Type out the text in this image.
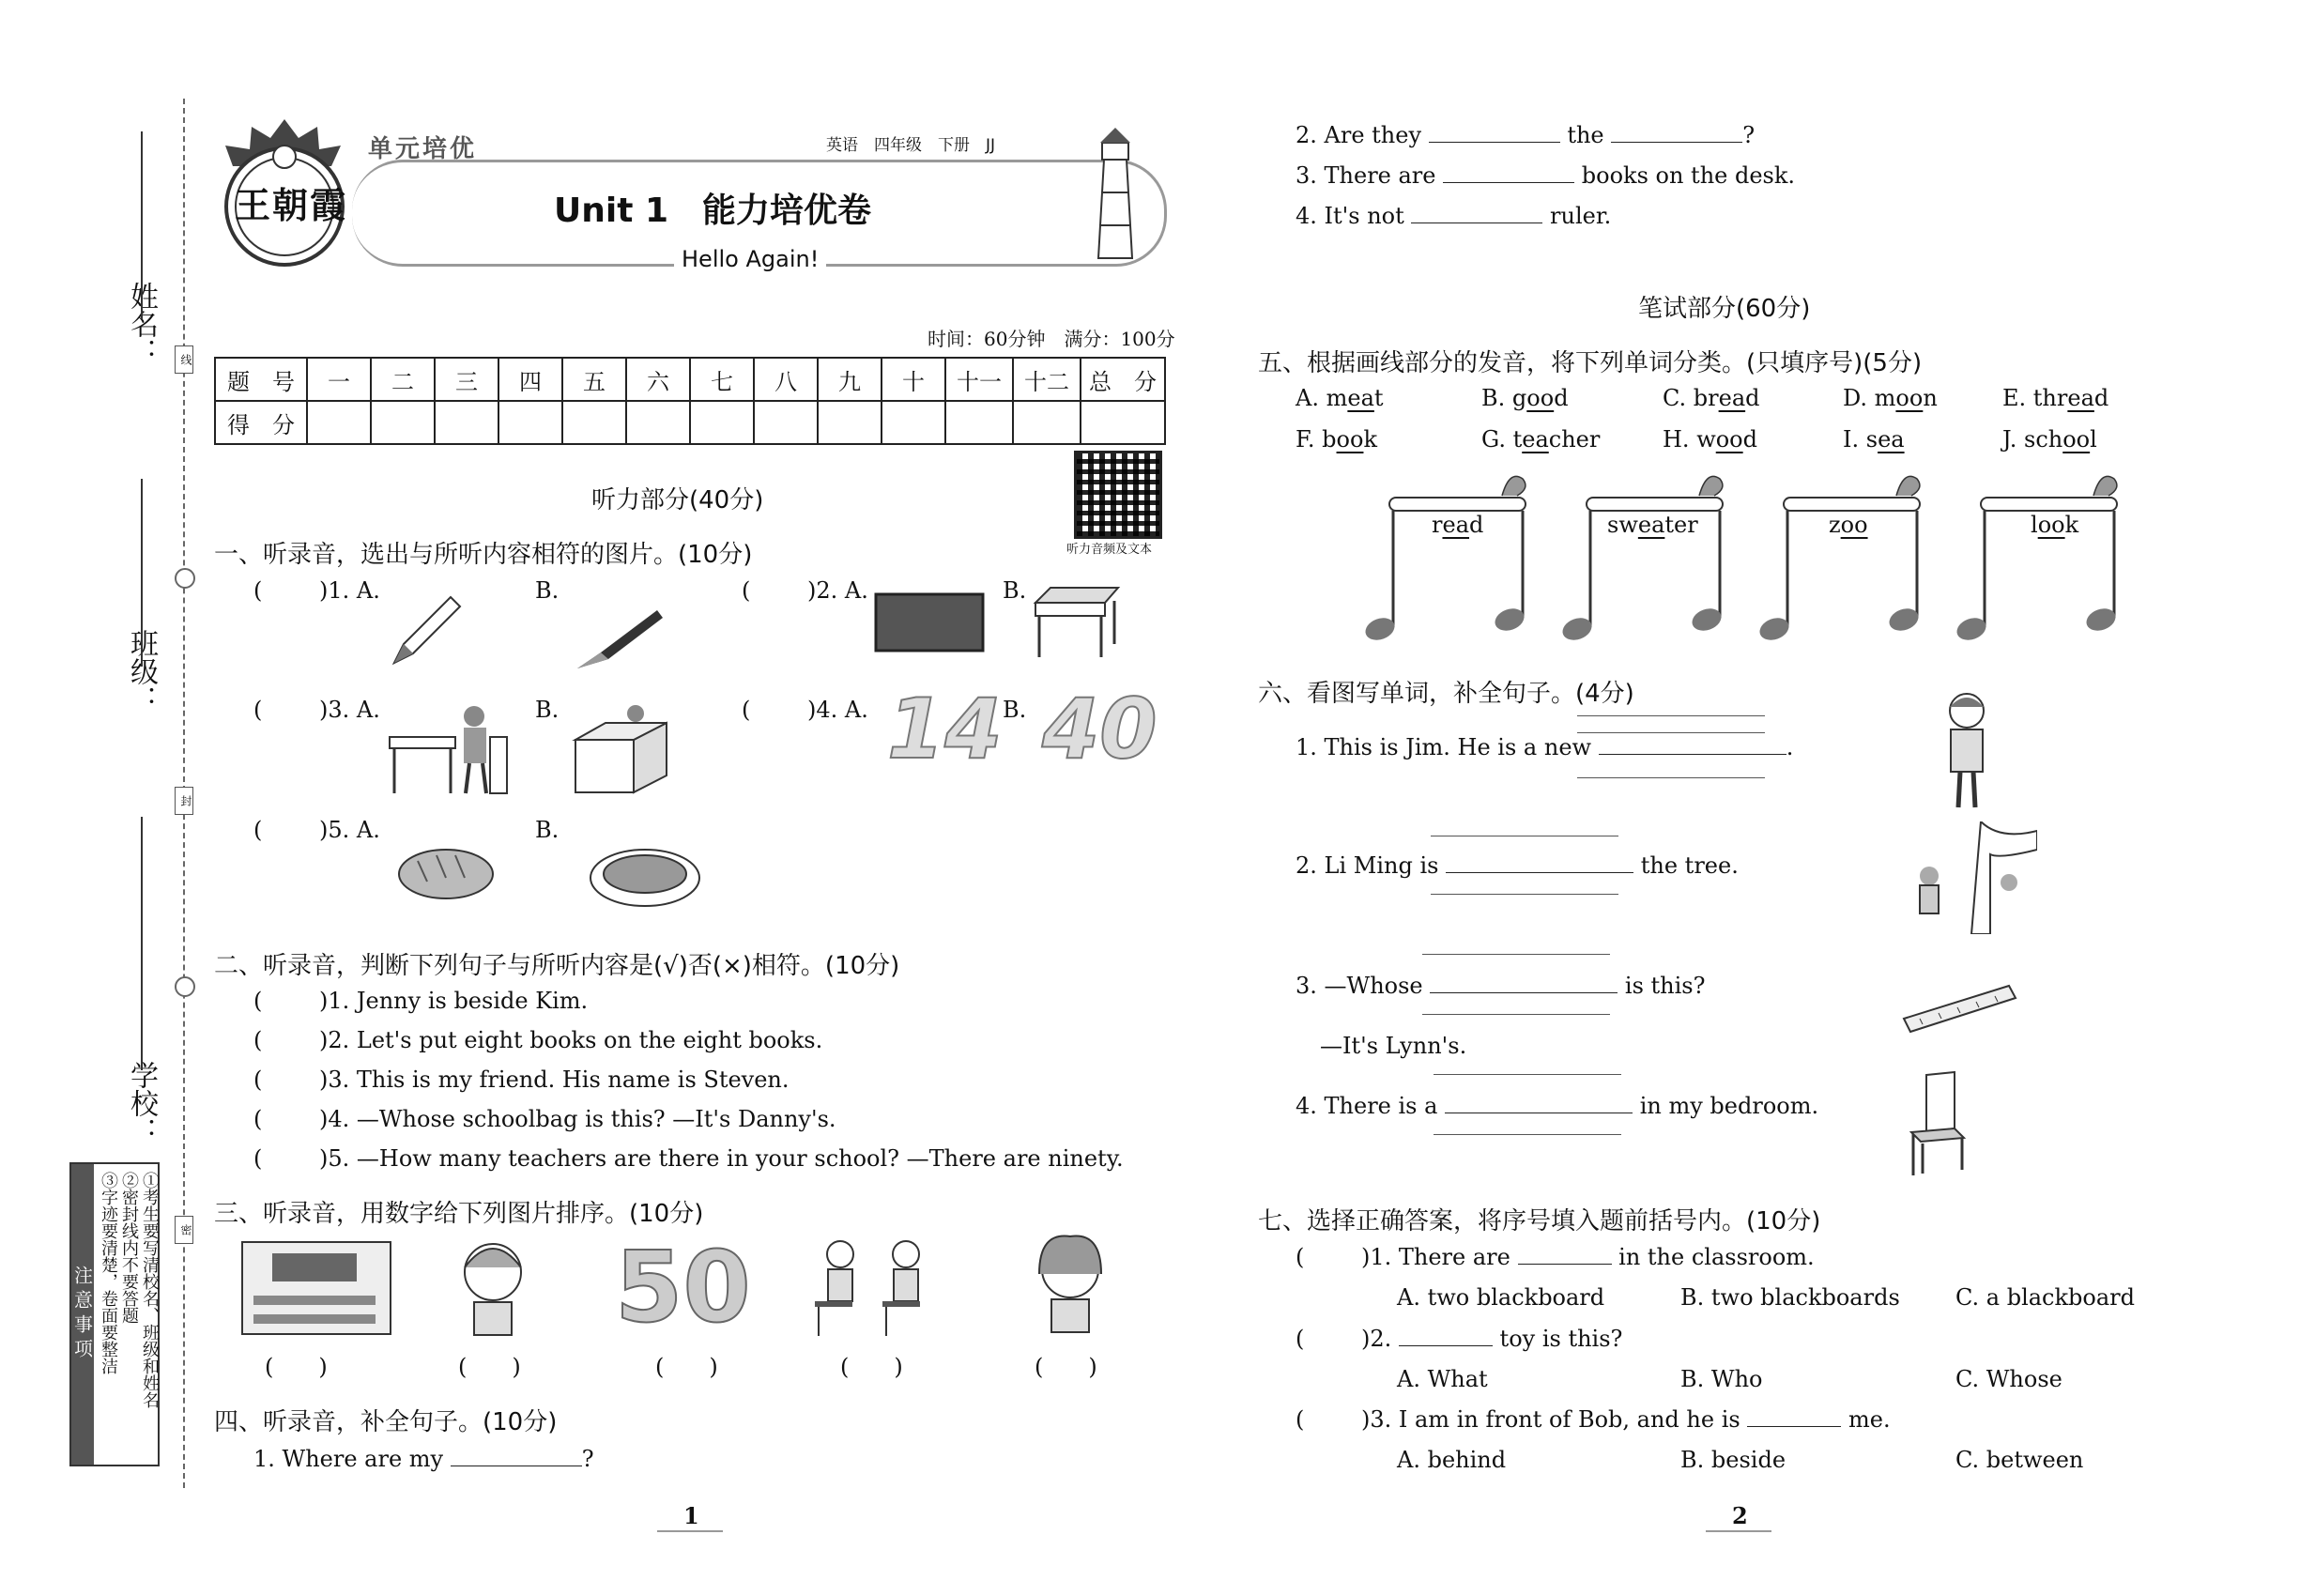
姓名：
班级：
学校：
线
封
密
注意事项	①考生要写清校名、班级和姓名
②密封线内不要答题
③字迹要清楚，卷面要整洁
王朝霞
单元培优	英语　四年级　下册　JJ
Unit 1　能力培优卷
Hello Again!
时间：60分钟　满分：100分
题　号	一	二	三	四	五	六	七	八	九	十	十一	十二	总　分
得　分													
听力音频及文本
听力部分(40分)
一、听录音，选出与所听内容相符的图片。(10分)
(	)1. A.	B.	(	)2. A.	B.
(	)3. A.	B.	(	)4. A.	B.
(	)5. A.	B.
14 40
二、听录音，判断下列句子与所听内容是(√)否(×)相符。(10分)
(	)1. Jenny is beside Kim.
(	)2. Let's put eight books on the eight books.
(	)3. This is my friend. His name is Steven.
(	)4. —Whose schoolbag is this? —It's Danny's.
(	)5. —How many teachers are there in your school? —There are ninety.
三、听录音，用数字给下列图片排序。(10分)
50
(　　)	(　　)	(　　)	(　　)	(　　)
四、听录音，补全句子。(10分)
1. Where are my	?
2. Are they	the	?
3. There are	books on the desk.
4. It's not	ruler.
笔试部分(60分)
五、根据画线部分的发音，将下列单词分类。(只填序号)(5分)
A. meat	B. good	C. bread	D. moon	E. thread
F. book	G. teacher	H. wood	I. sea	J. school
read	sweater	zoo	look
六、看图写单词，补全句子。(4分)
1. This is Jim. He is a new	.
2. Li Ming is	the tree.
3. —Whose	is this?
—It's Lynn's.
4. There is a	in my bedroom.
七、选择正确答案，将序号填入题前括号内。(10分)
(	)1. There are	in the classroom.
A. two blackboard	B. two blackboards C. a blackboard
(	)2.	toy is this?
A. What	B. Who	C. Whose
(	)3. I am in front of Bob, and he is	me.
A. behind	B. beside	C. between
1	2
